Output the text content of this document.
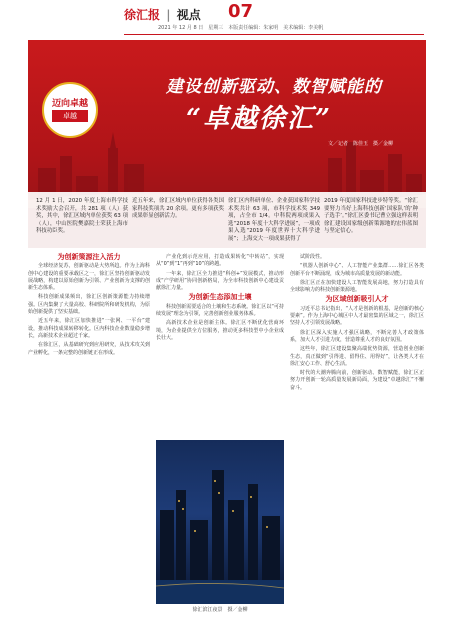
徐汇报 | 视点 07
2021 年 12 月 8 日　星期三　本版责任编辑：朱家明　美术编辑：李美帆
迈向卓越
卓越
建设创新驱动、数智赋能的
“卓越徐汇”
文／记者　陈佳玉　摄／金柳
12 月 1 日，2020 年度上海市科学技术奖励大会召开，共 281 项（人）获奖，其中，徐汇区域内单位获奖 63 项（人），中山医院樊嘉院士荣获上海市科技功臣奖。
近五年来，徐汇区域内单位获得各类国家科技奖项共 20 余项。更有多项获奖成果彰显创新活力。
徐汇区内科研单位、企业获国家科学技术奖共计 63 项，市科学技术奖 349 项，占全市 1/4。中科院两项成果入选“2018 年度十大科学进展”，一项成果入选“2019 年度世界十大科学进展”；上海交大一项成果获得了
2019 年度国家科技进步特等奖。“徐汇要努力当好上海科技创新‘国家队’的‘种子选手’。”徐汇区委书记曹立强这样表明徐汇建设国家级创新策源地的宏伟蓝图与坚定信心。

为创新策源注入活力

全球经济复苏，创新驱动是大势所趋。作为上海科创中心建设的重要承载区之一，徐汇区坚持创新驱动发展战略，构建以原始创新为引领、产业创新为支撑的创新生态体系。

科技创新成果频出，徐汇区创新策源能力持续增强。区内集聚了大量高校、科研院所和研发机构，为原始创新提供了坚实基础。

近五年来，徐汇区加快推进“一张网、一平台”建设，推动科技成果转移转化。区内科技企业数量稳步增长，高新技术企业超过千家。

在徐汇区，从基础研究到应用研究，从技术攻关到产业孵化，一条完整的创新链正在形成。

产业化到示范应用，打造成果转化“中转站”，实现从“0”到“1”再到“10”的跨越。

一年来，徐汇区全力推进“科创+”发展模式，推动形成“产学研用”协同创新格局，为全市科技创新中心建设贡献徐汇力量。

为创新生态添加土壤

科技创新需要适合的土壤和生态系统。徐汇区以“可持续发展”理念为引领，完善创新创业服务体系。

高新技术企业是创新主体。徐汇区不断优化营商环境，为企业提供全方位服务，推动更多科技型中小企业成长壮大。

试阶段性。

“机器人创新中心”、人工智能产业集群……徐汇区各类创新平台不断涌现，成为城市高质量发展的新动能。

徐汇区正在加快建设人工智能发展高地，努力打造具有全球影响力的科技创新策源地。

为区域创新吸引人才

习近平总书记指出，“人才是创新的根基，是创新的核心要素”。作为上海中心城区中人才最密集的区域之一，徐汇区坚持人才引领发展战略。

徐汇区深入实施人才强区战略，不断完善人才政策体系，加大人才引进力度，营造尊重人才的良好氛围。

这些年，徐汇区建设集聚高端优势资源，营造创业创新生态，真正做到“引得进、留得住、用得好”，让各类人才在徐汇安心工作、舒心生活。

时代的大潮奔腾向前，创新驱动、数智赋能，徐汇区正努力开创新一轮高质量发展新局面，为建设“卓越徐汇”不懈奋斗。

徐汇滨江夜景　摄／金柳
